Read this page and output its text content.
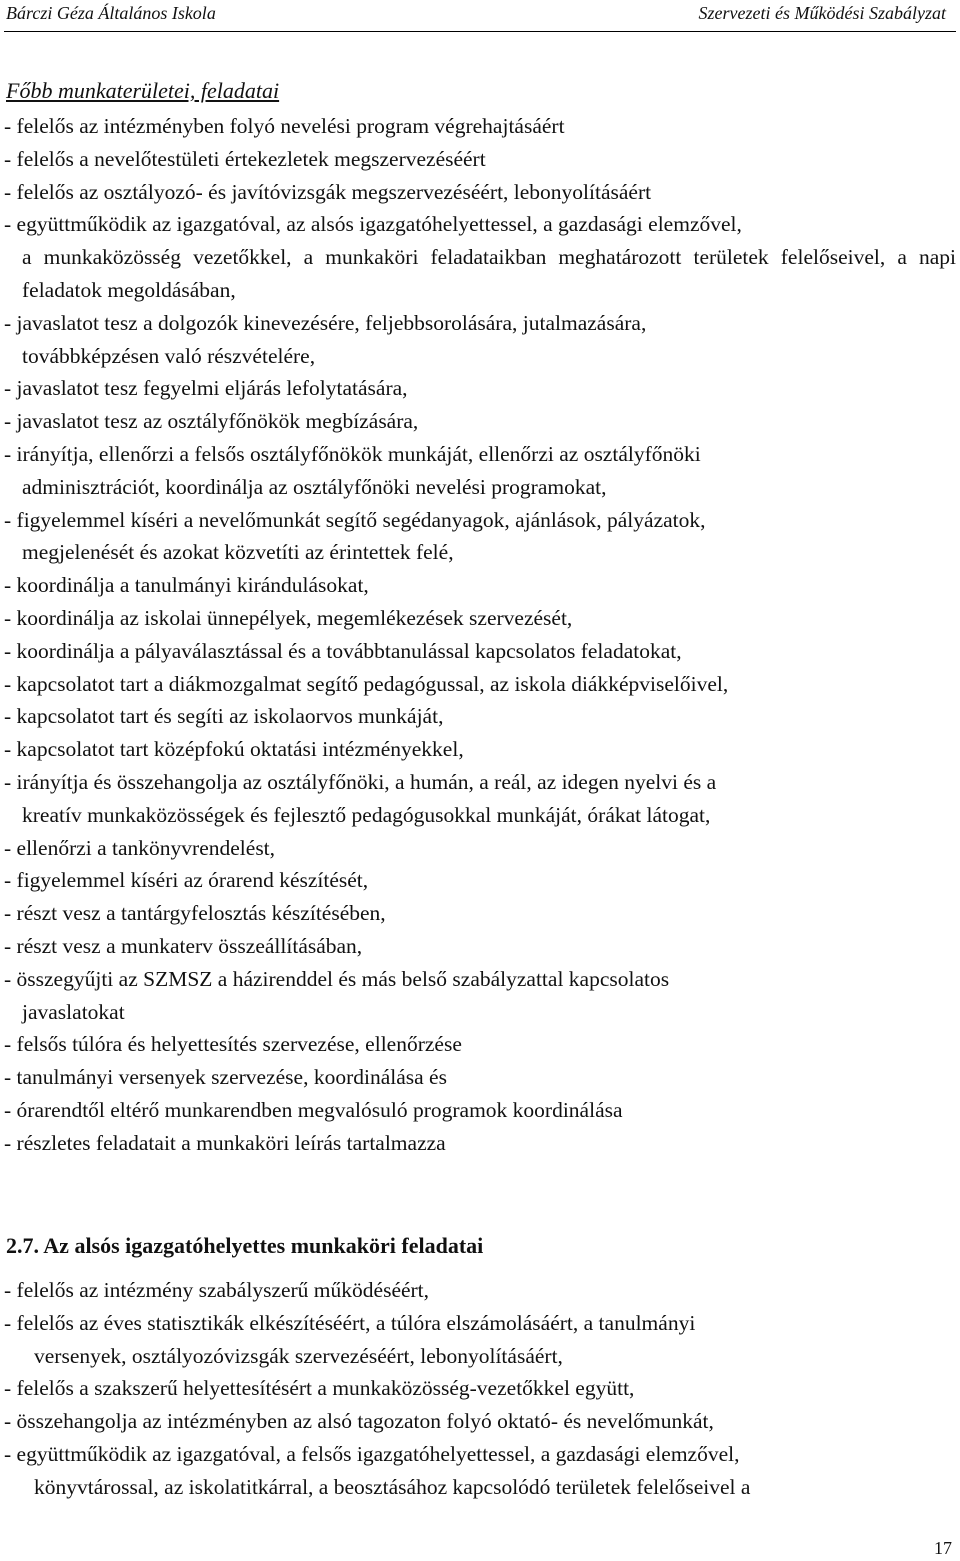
Bárczi Géza Általános Iskola	Szervezeti és Működési Szabályzat
Főbb munkaterületei, feladatai
- felelős az intézményben folyó nevelési program végrehajtásáért
- felelős a nevelőtestületi értekezletek megszervezéséért
- felelős az osztályozó- és javítóvizsgák megszervezéséért, lebonyolításáért
- együttműködik az igazgatóval, az alsós igazgatóhelyettessel, a gazdasági elemzővel,
a munkaközösség vezetőkkel, a munkaköri feladataikban meghatározott területek felelőseivel, a napi feladatok megoldásában,
- javaslatot tesz a dolgozók kinevezésére, feljebbsorolására, jutalmazására,
továbbképzésen való részvételére,
- javaslatot tesz fegyelmi eljárás lefolytatására,
- javaslatot tesz az osztályfőnökök megbízására,
- irányítja, ellenőrzi a felsős osztályfőnökök munkáját, ellenőrzi az osztályfőnöki
adminisztrációt, koordinálja az osztályfőnöki nevelési programokat,
- figyelemmel kíséri a nevelőmunkát segítő segédanyagok, ajánlások, pályázatok,
megjelenését és azokat közvetíti az érintettek felé,
- koordinálja a tanulmányi kirándulásokat,
- koordinálja az iskolai ünnepélyek, megemlékezések szervezését,
- koordinálja a pályaválasztással és a továbbtanulással kapcsolatos feladatokat,
- kapcsolatot tart a diákmozgalmat segítő pedagógussal, az iskola diákképviselőivel,
- kapcsolatot tart és segíti az iskolaorvos munkáját,
- kapcsolatot tart középfokú oktatási intézményekkel,
- irányítja és összehangolja az osztályfőnöki, a humán, a reál, az idegen nyelvi és a
kreatív munkaközösségek és fejlesztő pedagógusokkal munkáját, órákat látogat,
- ellenőrzi a tankönyvrendelést,
- figyelemmel kíséri az órarend készítését,
- részt vesz a tantárgyfelosztás készítésében,
- részt vesz a munkaterv összeállításában,
- összegyűjti az SZMSZ a házirenddel és más belső szabályzattal kapcsolatos
javaslatokat
- felsős túlóra és helyettesítés szervezése, ellenőrzése
- tanulmányi versenyek szervezése, koordinálása és
- órarendtől eltérő munkarendben megvalósuló programok koordinálása
- részletes feladatait a munkaköri leírás tartalmazza
2.7. Az alsós igazgatóhelyettes munkaköri feladatai
- felelős az intézmény szabályszerű működéséért,
- felelős az éves statisztikák elkészítéséért, a túlóra elszámolásáért, a tanulmányi
versenyek, osztályozóvizsgák szervezéséért, lebonyolításáért,
- felelős a szakszerű helyettesítésért a munkaközösség-vezetőkkel együtt,
- összehangolja az intézményben az alsó tagozaton folyó oktató- és nevelőmunkát,
- együttműködik az igazgatóval, a felsős igazgatóhelyettessel, a gazdasági elemzővel,
könyvtárossal, az iskolatitkárral, a beosztásához kapcsolódó területek felelőseivel a
17
